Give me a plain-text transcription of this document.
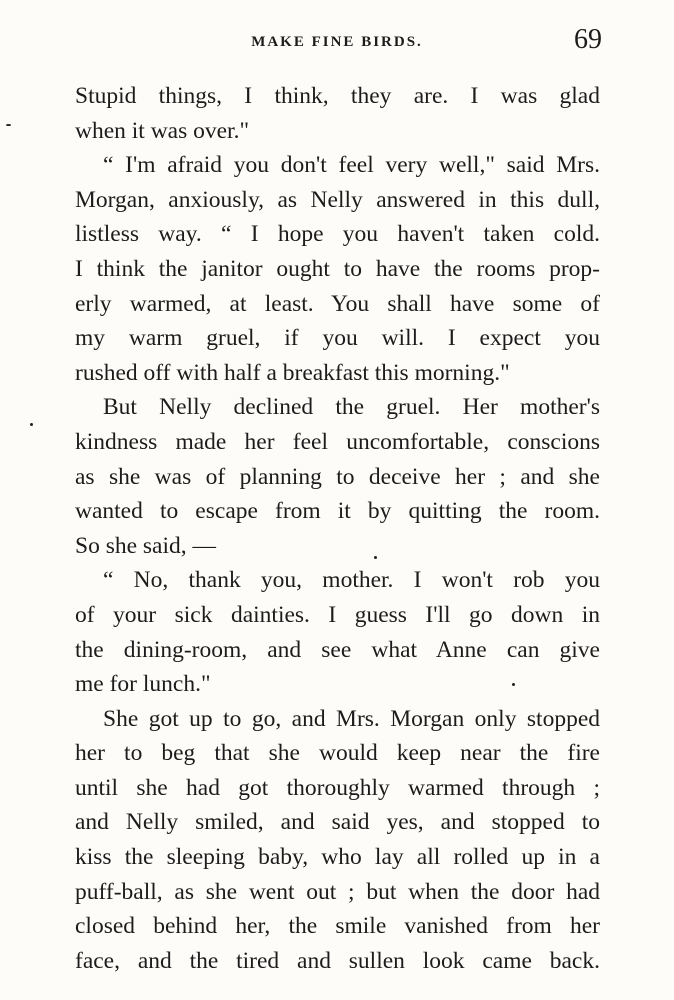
MAKE FINE BIRDS.	69
Stupid things, I think, they are. I was glad
when it was over."
“ I'm afraid you don't feel very well," said Mrs.
Morgan, anxiously, as Nelly answered in this dull,
listless way. “ I hope you haven't taken cold.
I think the janitor ought to have the rooms prop-
erly warmed, at least. You shall have some of
my warm gruel, if you will. I expect you
rushed off with half a breakfast this morning."
But Nelly declined the gruel. Her mother's
kindness made her feel uncomfortable, conscions
as she was of planning to deceive her ; and she
wanted to escape from it by quitting the room.
So she said, —
“ No, thank you, mother. I won't rob you
of your sick dainties. I guess I'll go down in
the dining-room, and see what Anne can give
me for lunch."
She got up to go, and Mrs. Morgan only stopped
her to beg that she would keep near the fire
until she had got thoroughly warmed through ;
and Nelly smiled, and said yes, and stopped to
kiss the sleeping baby, who lay all rolled up in a
puff-ball, as she went out ; but when the door had
closed behind her, the smile vanished from her
face, and the tired and sullen look came back.
